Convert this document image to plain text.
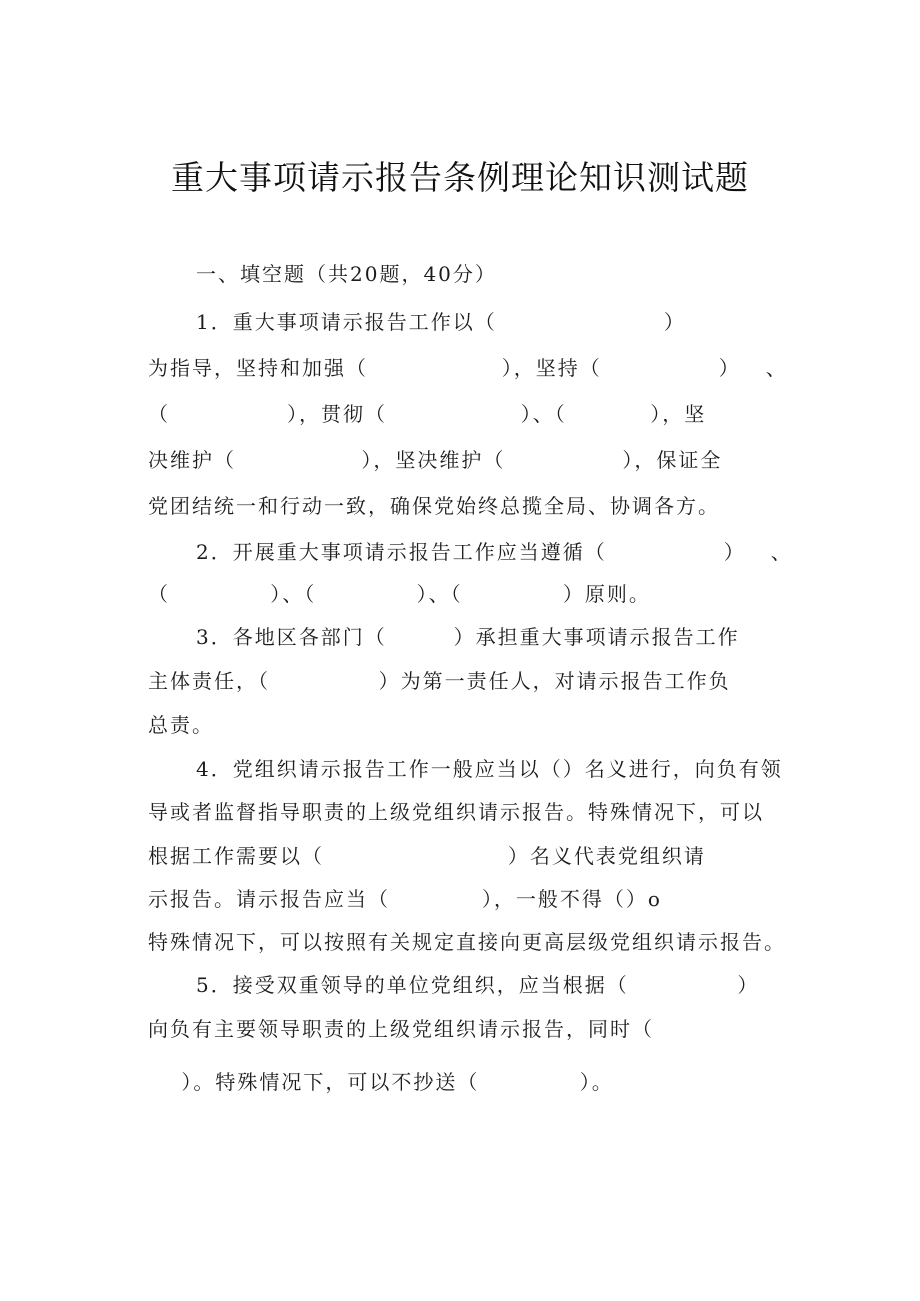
重大事项请示报告条例理论知识测试题
一、填空题（共20题，40分）
1．重大事项请示报告工作以（                    ）
为指导，坚持和加强（                ），坚持（              ）   、
（              ），贯彻（                ）、（          ），坚
决维护（               ），坚决维护（              ），保证全
党团结统一和行动一致，确保党始终总揽全局、协调各方。
2．开展重大事项请示报告工作应当遵循（              ）   、
（            ）、（            ）、（            ）原则。
3．各地区各部门（        ）承担重大事项请示报告工作
主体责任，（             ）为第一责任人，对请示报告工作负
总责。
4．党组织请示报告工作一般应当以（）名义进行，向负有领
导或者监督指导职责的上级党组织请示报告。特殊情况下，可以
根据工作需要以（                      ）名义代表党组织请
示报告。请示报告应当（           ），一般不得（）o
特殊情况下，可以按照有关规定直接向更高层级党组织请示报告。
5．接受双重领导的单位党组织，应当根据（             ）
向负有主要领导职责的上级党组织请示报告，同时（
）。特殊情况下，可以不抄送（            ）。
